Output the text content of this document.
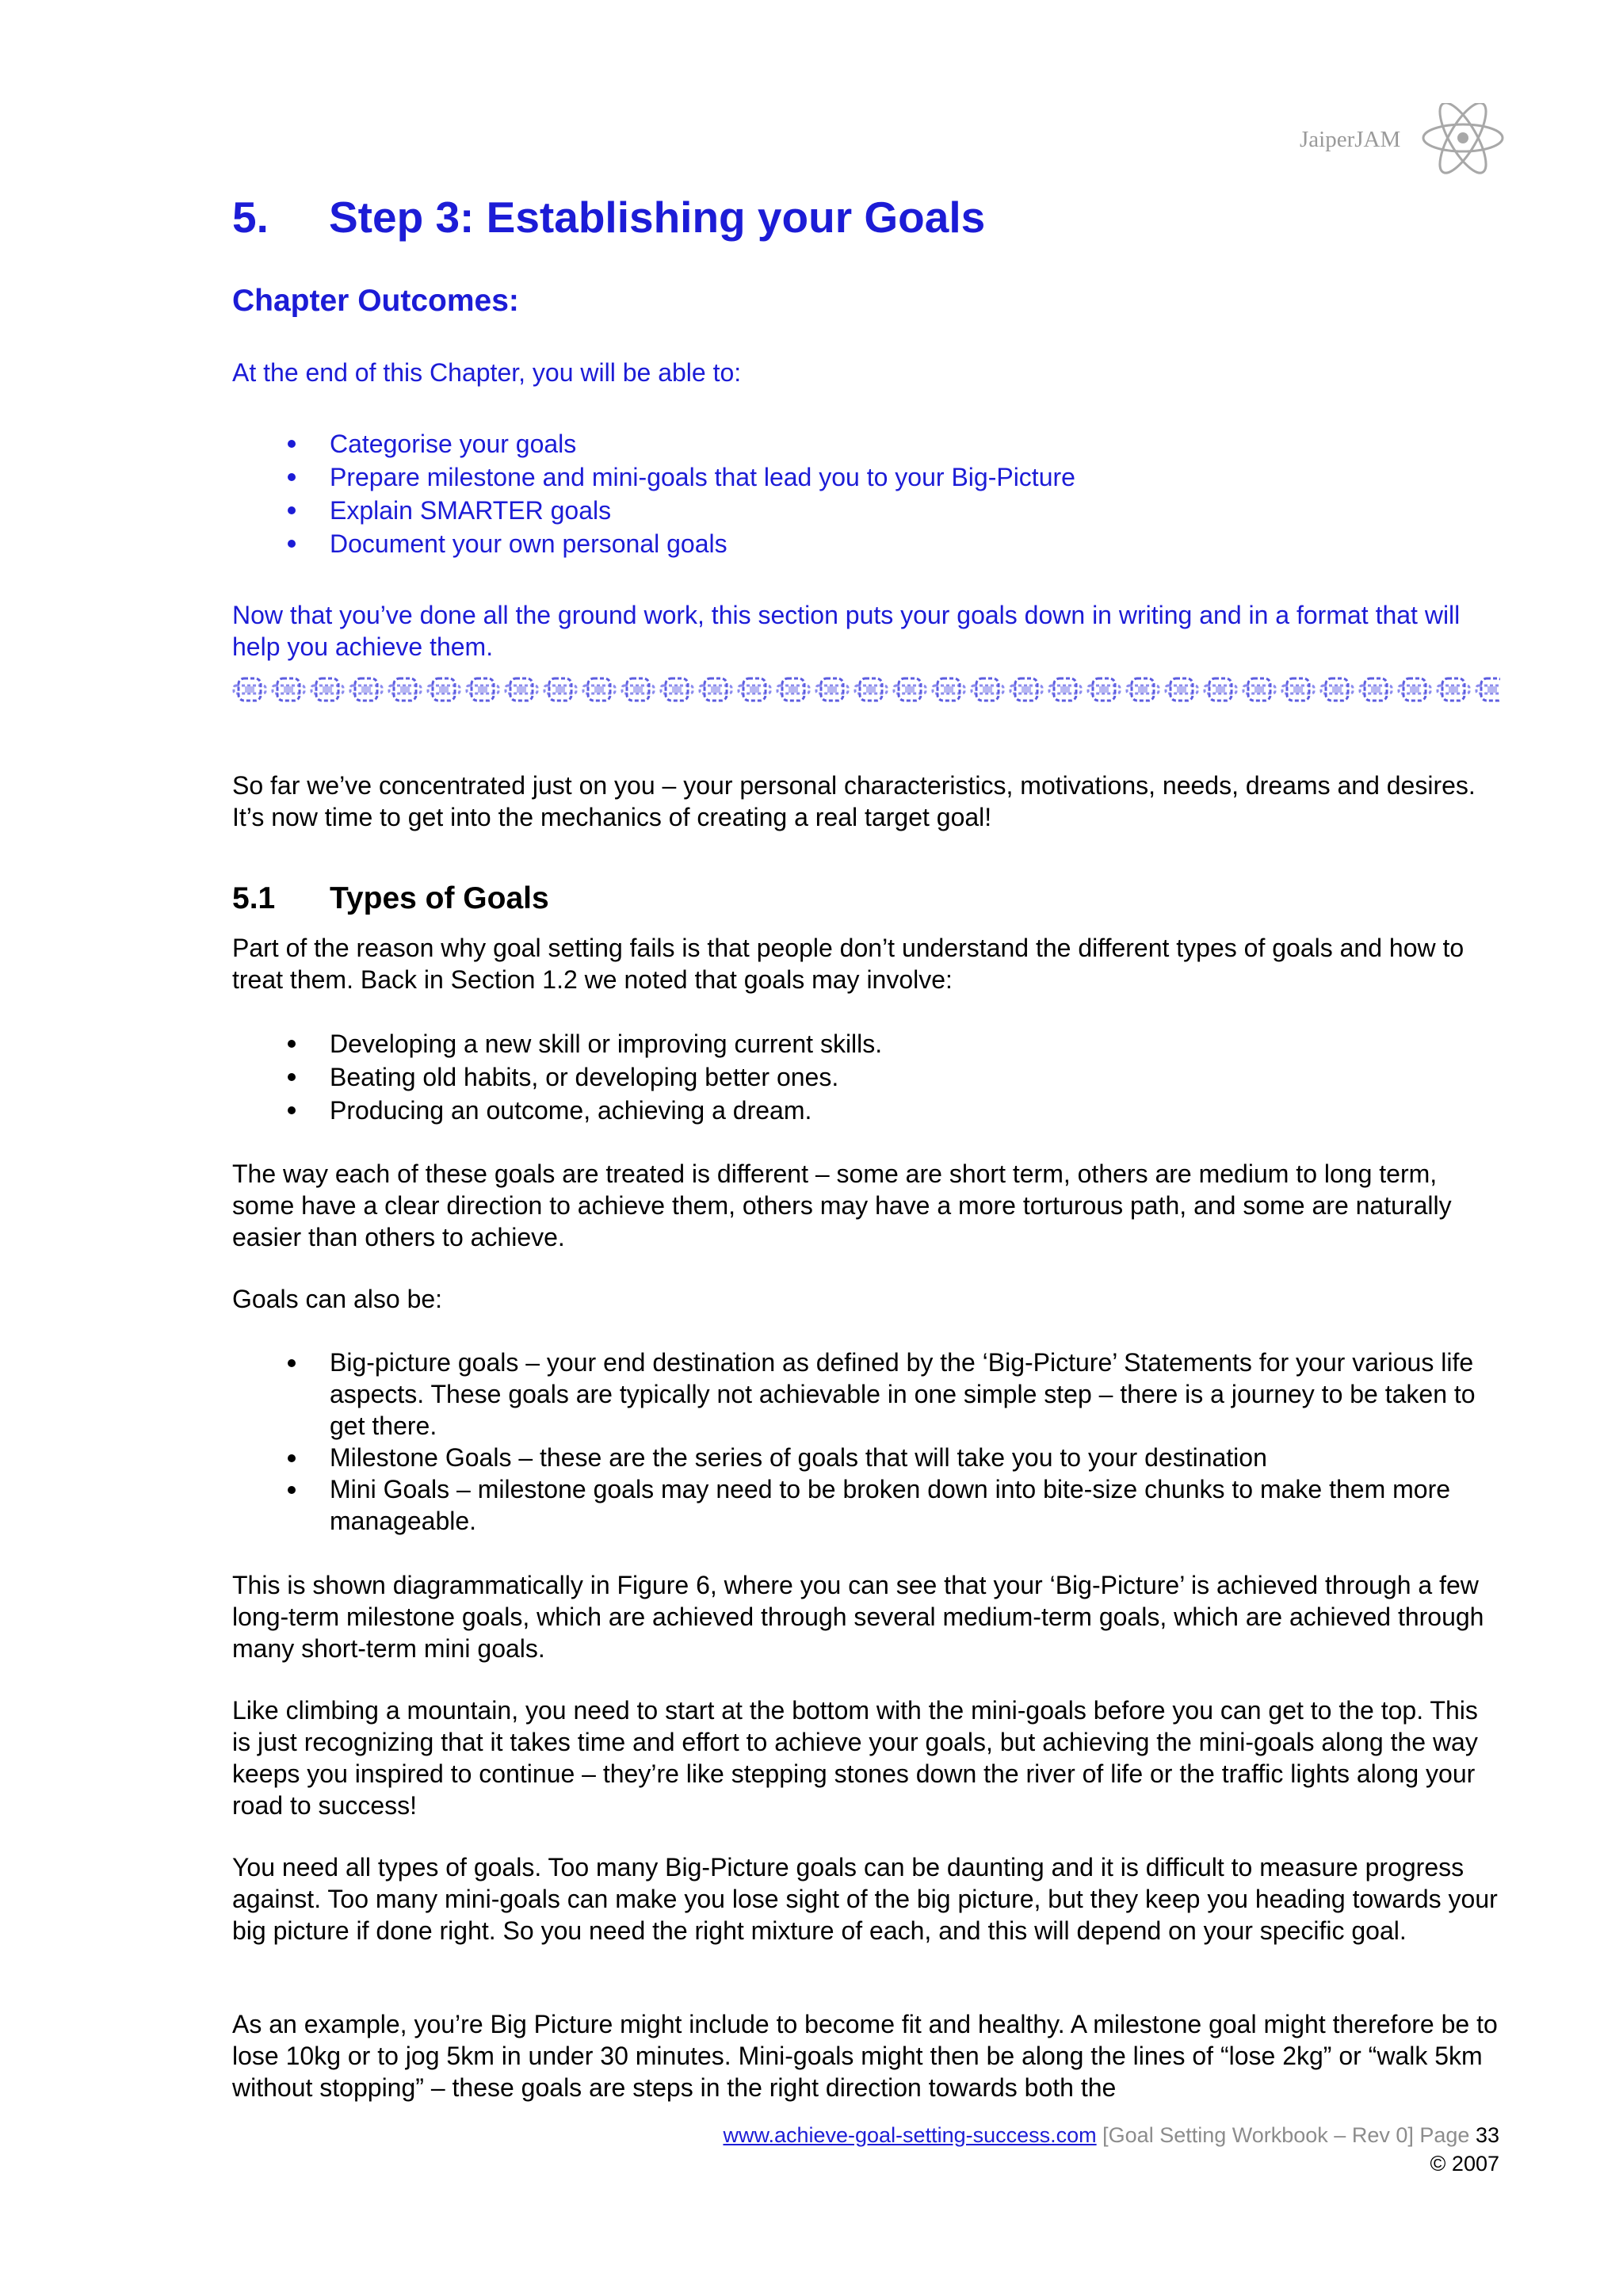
JaiperJAM
5.	Step 3: Establishing your Goals
Chapter Outcomes:

At the end of this Chapter, you will be able to:

Categorise your goals
Prepare milestone and mini-goals that lead you to your Big-Picture
Explain SMARTER goals
Document your own personal goals

Now that you’ve done all the ground work, this section puts your goals down in writing and in a format that will help you achieve them.

So far we’ve concentrated just on you – your personal characteristics, motivations, needs, dreams and desires. It’s now time to get into the mechanics of creating a real target goal!

5.1	Types of Goals

Part of the reason why goal setting fails is that people don’t understand the different types of goals and how to treat them. Back in Section 1.2 we noted that goals may involve:

Developing a new skill or improving current skills.
Beating old habits, or developing better ones.
Producing an outcome, achieving a dream.

The way each of these goals are treated is different – some are short term, others are medium to long term, some have a clear direction to achieve them, others may have a more torturous path, and some are naturally easier than others to achieve.

Goals can also be:

Big-picture goals – your end destination as defined by the ‘Big-Picture’ Statements for your various life aspects. These goals are typically not achievable in one simple step – there is a journey to be taken to get there.
Milestone Goals – these are the series of goals that will take you to your destination
Mini Goals – milestone goals may need to be broken down into bite-size chunks to make them more manageable.

This is shown diagrammatically in Figure 6, where you can see that your ‘Big-Picture’ is achieved through a few long-term milestone goals, which are achieved through several medium-term goals, which are achieved through many short-term mini goals.

Like climbing a mountain, you need to start at the bottom with the mini-goals before you can get to the top. This is just recognizing that it takes time and effort to achieve your goals, but achieving the mini-goals along the way keeps you inspired to continue – they’re like stepping stones down the river of life or the traffic lights along your road to success!

You need all types of goals. Too many Big-Picture goals can be daunting and it is difficult to measure progress against. Too many mini-goals can make you lose sight of the big picture, but they keep you heading towards your big picture if done right. So you need the right mixture of each, and this will depend on your specific goal.

As an example, you’re Big Picture might include to become fit and healthy. A milestone goal might therefore be to lose 10kg or to jog 5km in under 30 minutes. Mini-goals might then be along the lines of “lose 2kg” or “walk 5km without stopping” – these goals are steps in the right direction towards both the

www.achieve-goal-setting-success.com [Goal Setting Workbook – Rev 0] Page 33
© 2007
